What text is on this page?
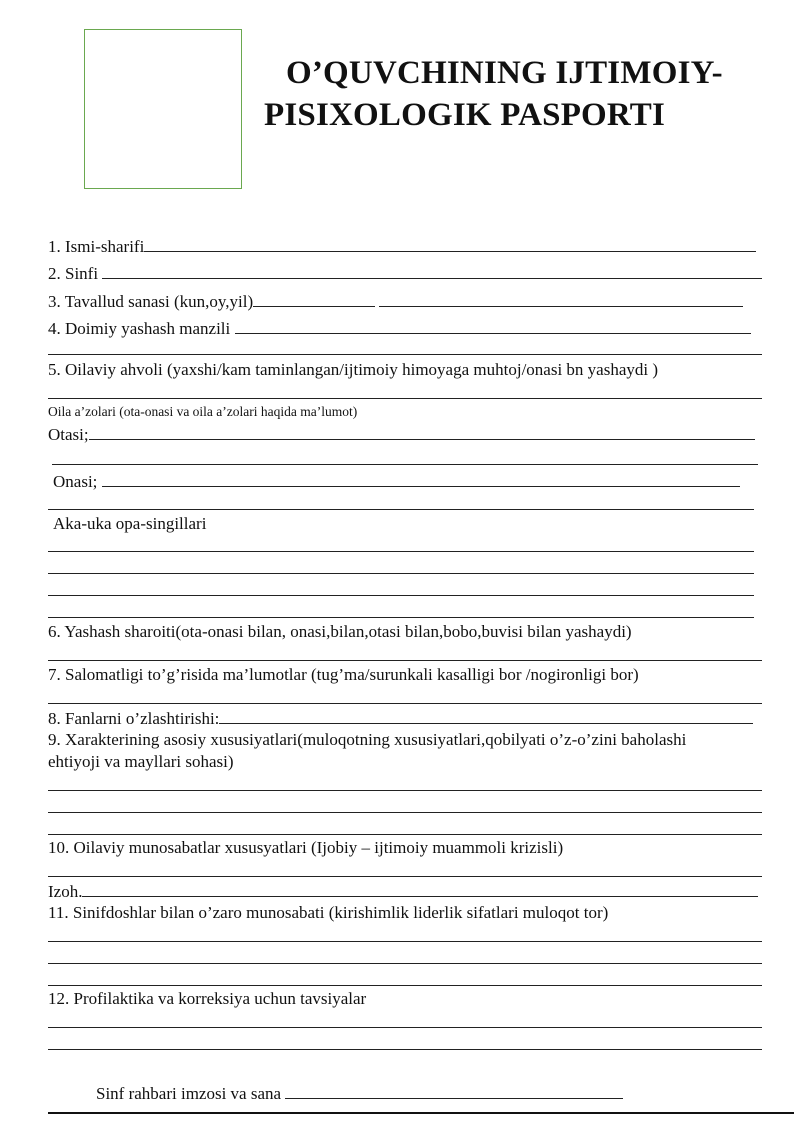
O’QUVCHINING IJTIMOIY-
PISIXOLOGIK PASPORTI
1. Ismi-sharifi
2. Sinfi
3. Tavallud sanasi (kun,oy,yil)
4. Doimiy yashash manzili
5. Oilaviy ahvoli (yaxshi/kam taminlangan/ijtimoiy himoyaga muhtoj/onasi bn yashaydi )
Oila a’zolari (ota-onasi va oila a’zolari haqida ma’lumot)
Otasi;
Onasi;
Aka-uka opa-singillari
6. Yashash sharoiti(ota-onasi bilan, onasi,bilan,otasi bilan,bobo,buvisi bilan yashaydi)
7. Salomatligi to’g’risida ma’lumotlar (tug’ma/surunkali kasalligi bor /nogironligi bor)
8. Fanlarni o’zlashtirishi:
9. Xarakterining asosiy xususiyatlari(muloqotning xususiyatlari,qobilyati o’z-o’zini baholashi
ehtiyoji va mayllari sohasi)
10. Oilaviy munosabatlar xususyatlari (Ijobiy – ijtimoiy muammoli krizisli)
Izoh.
11. Sinifdoshlar bilan o’zaro munosabati (kirishimlik liderlik sifatlari muloqot tor)
12. Profilaktika va korreksiya uchun tavsiyalar
Sinf rahbari imzosi va sana
